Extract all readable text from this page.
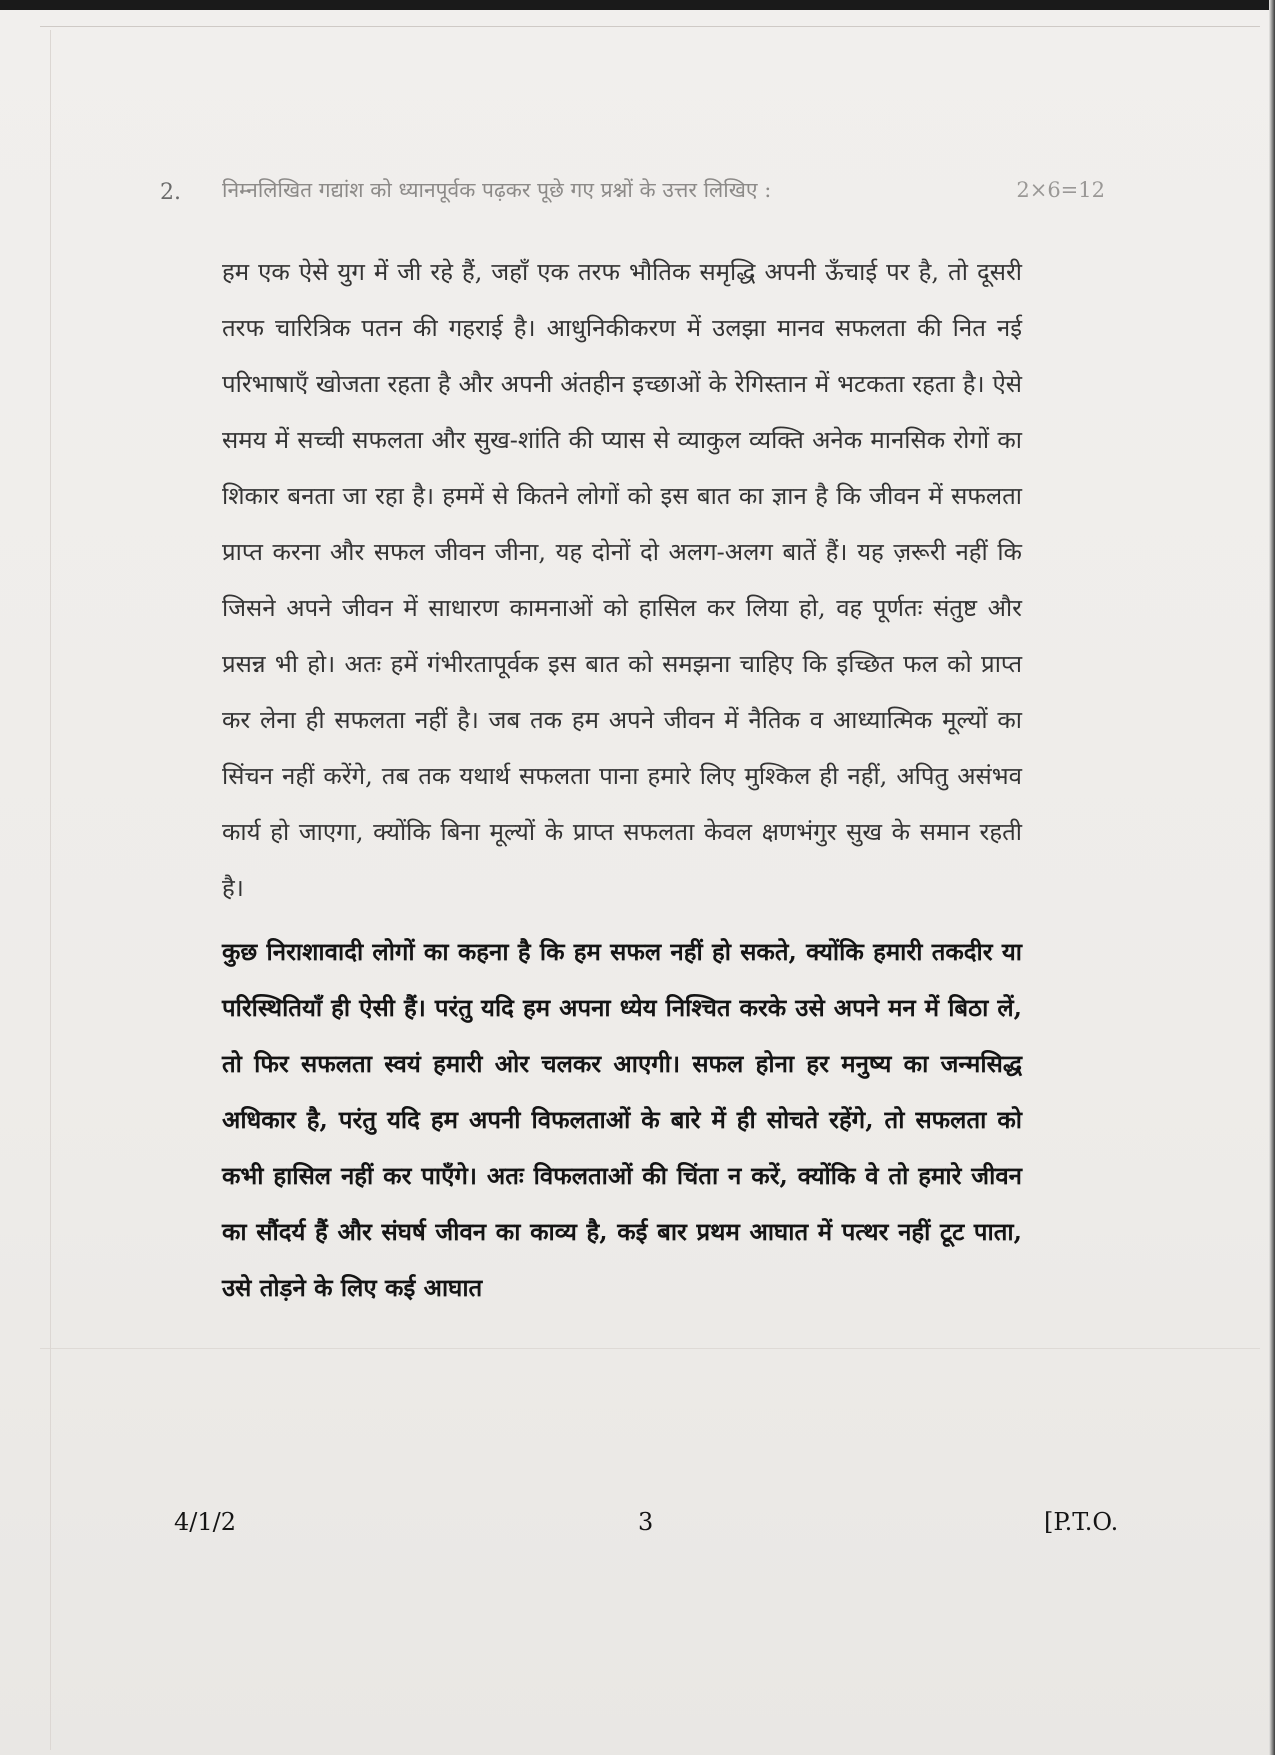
2. निम्नलिखित गद्यांश को ध्यानपूर्वक पढ़कर पूछे गए प्रश्नों के उत्तर लिखिए :	2×6=12

हम एक ऐसे युग में जी रहे हैं, जहाँ एक तरफ भौतिक समृद्धि अपनी ऊँचाई पर है, तो दूसरी तरफ चारित्रिक पतन की गहराई है। आधुनिकीकरण में उलझा मानव सफलता की नित नई परिभाषाएँ खोजता रहता है और अपनी अंतहीन इच्छाओं के रेगिस्तान में भटकता रहता है। ऐसे समय में सच्ची सफलता और सुख-शांति की प्यास से व्याकुल व्यक्ति अनेक मानसिक रोगों का शिकार बनता जा रहा है। हममें से कितने लोगों को इस बात का ज्ञान है कि जीवन में सफलता प्राप्त करना और सफल जीवन जीना, यह दोनों दो अलग-अलग बातें हैं। यह ज़रूरी नहीं कि जिसने अपने जीवन में साधारण कामनाओं को हासिल कर लिया हो, वह पूर्णतः संतुष्ट और प्रसन्न भी हो। अतः हमें गंभीरतापूर्वक इस बात को समझना चाहिए कि इच्छित फल को प्राप्त कर लेना ही सफलता नहीं है। जब तक हम अपने जीवन में नैतिक व आध्यात्मिक मूल्यों का सिंचन नहीं करेंगे, तब तक यथार्थ सफलता पाना हमारे लिए मुश्किल ही नहीं, अपितु असंभव कार्य हो जाएगा, क्योंकि बिना मूल्यों के प्राप्त सफलता केवल क्षणभंगुर सुख के समान रहती है।

कुछ निराशावादी लोगों का कहना है कि हम सफल नहीं हो सकते, क्योंकि हमारी तकदीर या परिस्थितियाँ ही ऐसी हैं। परंतु यदि हम अपना ध्येय निश्चित करके उसे अपने मन में बिठा लें, तो फिर सफलता स्वयं हमारी ओर चलकर आएगी। सफल होना हर मनुष्य का जन्मसिद्ध अधिकार है, परंतु यदि हम अपनी विफलताओं के बारे में ही सोचते रहेंगे, तो सफलता को कभी हासिल नहीं कर पाएँगे। अतः विफलताओं की चिंता न करें, क्योंकि वे तो हमारे जीवन का सौंदर्य हैं और संघर्ष जीवन का काव्य है, कई बार प्रथम आघात में पत्थर नहीं टूट पाता, उसे तोड़ने के लिए कई आघात

4/1/2	3	[P.T.O.
